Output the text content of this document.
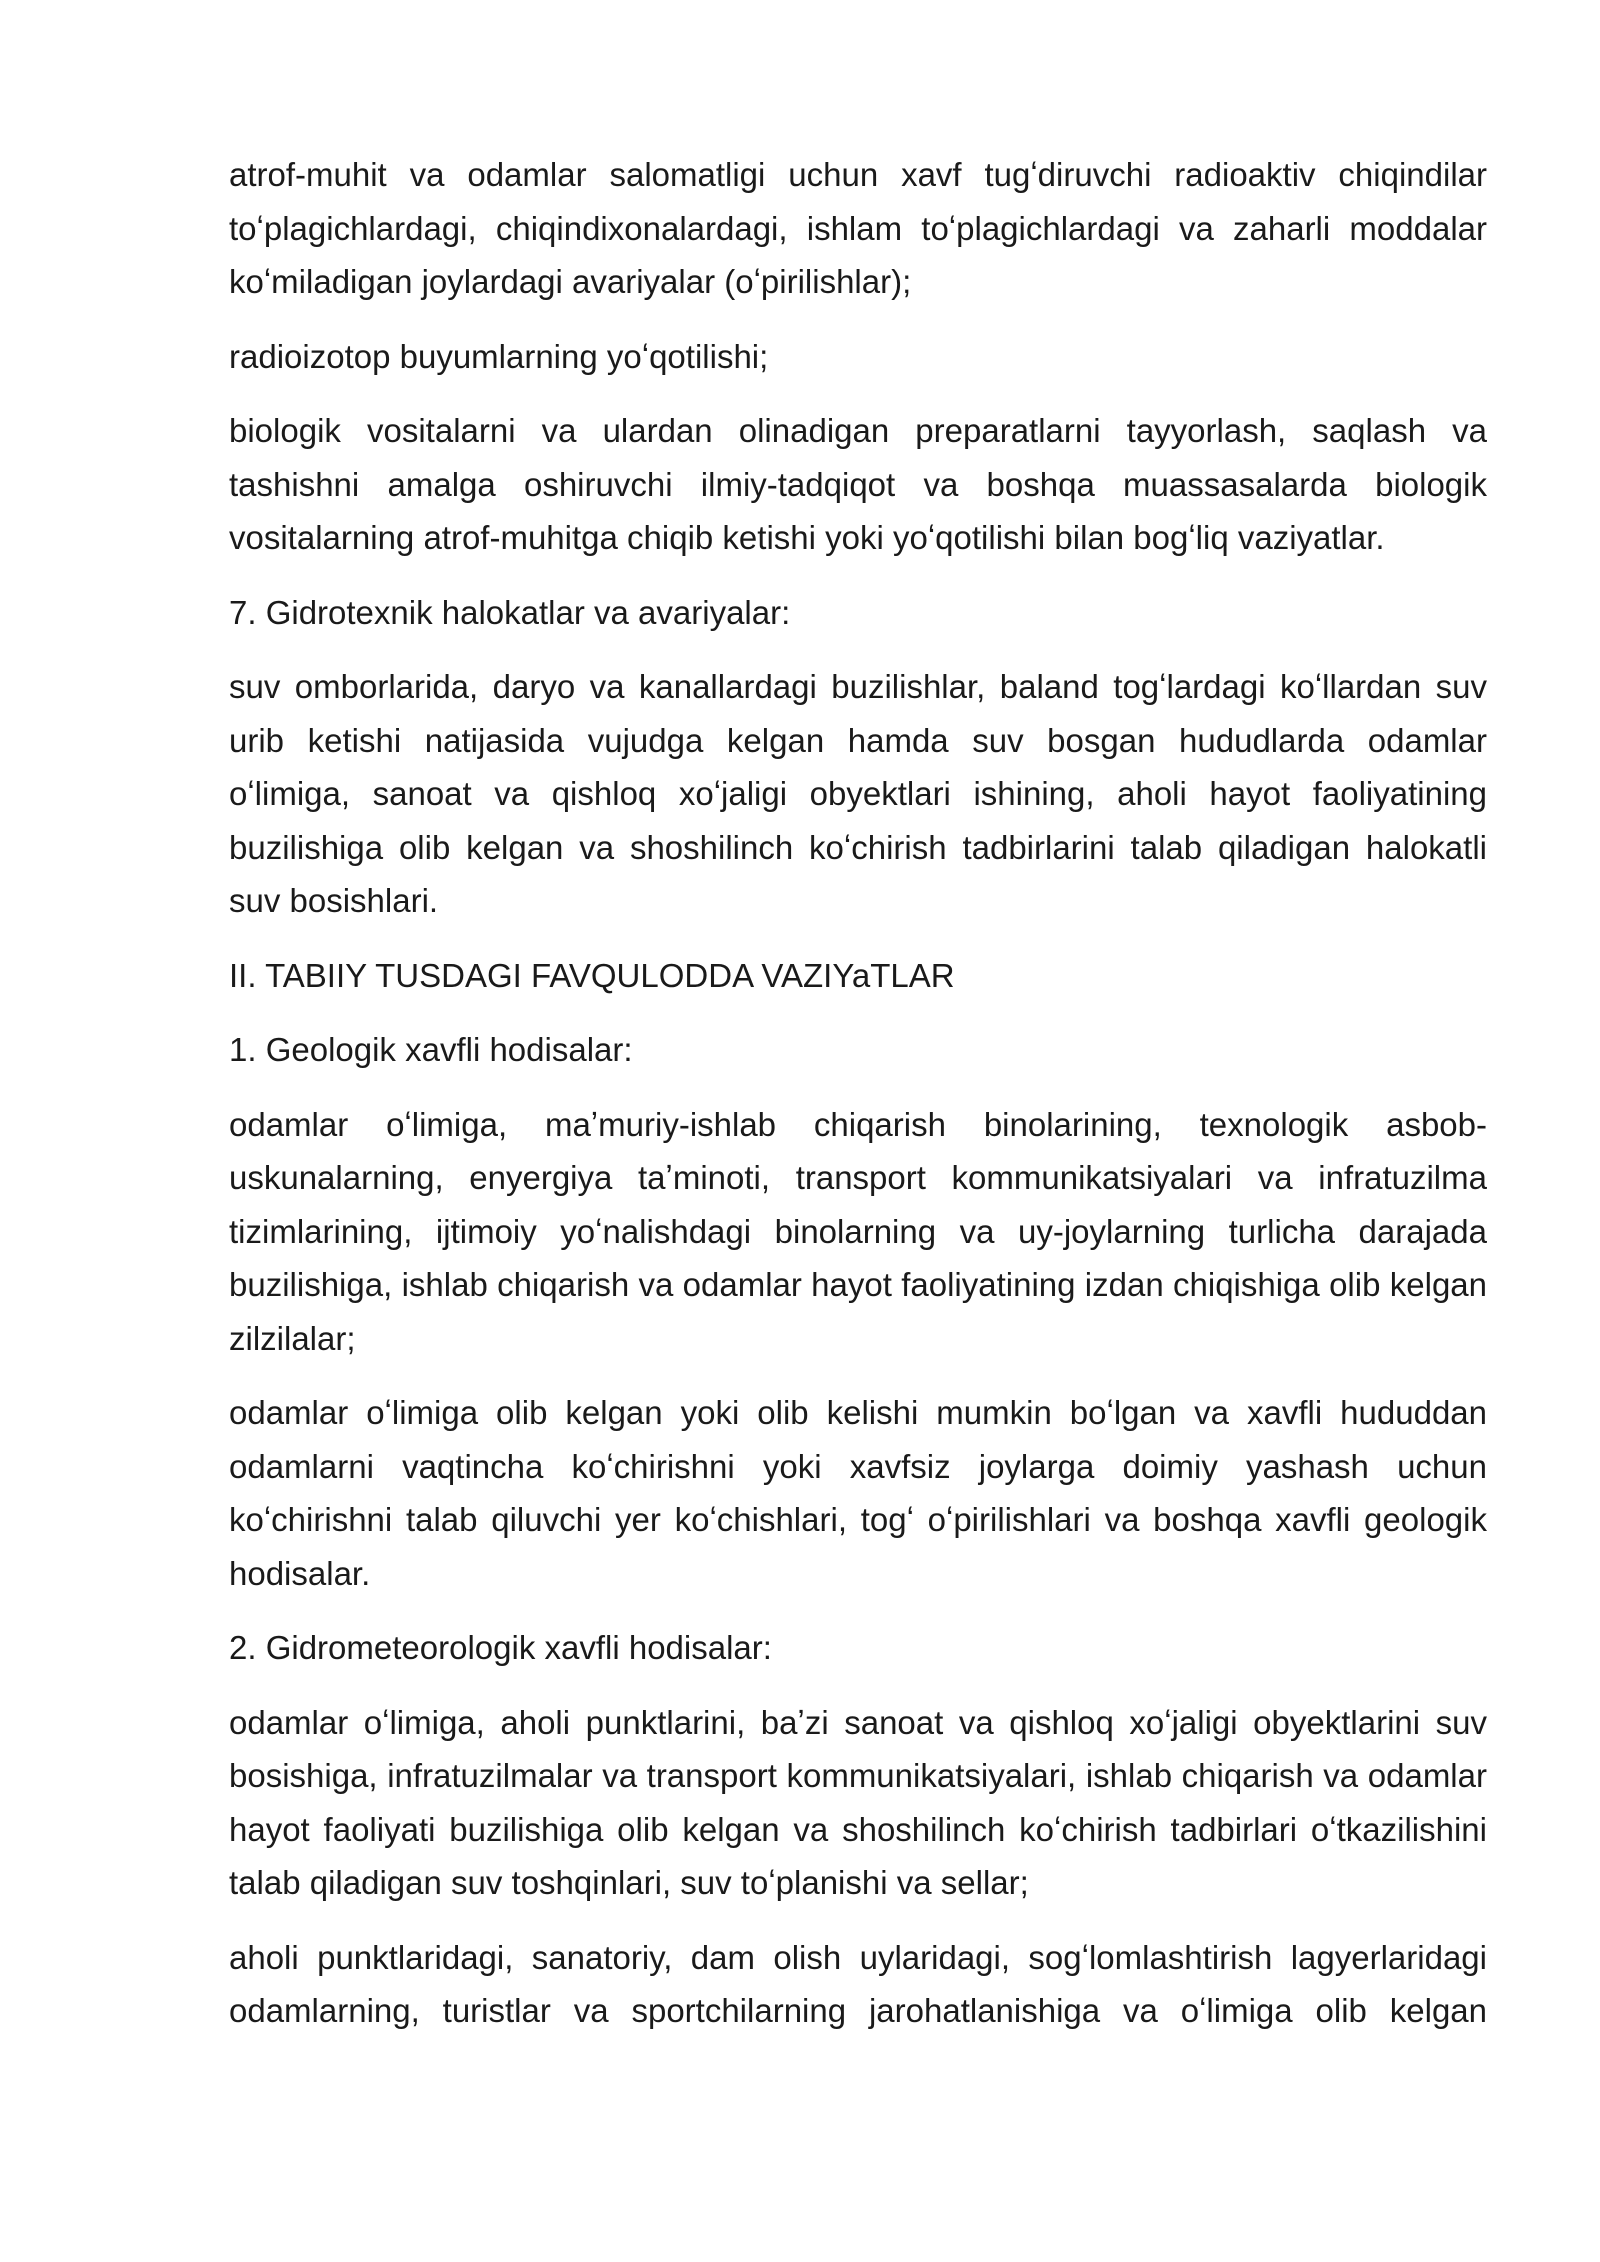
atrof-muhit va odamlar salomatligi uchun xavf tugʻdiruvchi radioaktiv chiqindilar toʻplagichlardagi, chiqindixonalardagi, ishlam toʻplagichlardagi va zaharli moddalar koʻmiladigan joylardagi avariyalar (oʻpirilishlar);

radioizotop buyumlarning yoʻqotilishi;

biologik vositalarni va ulardan olinadigan preparatlarni tayyorlash, saqlash va tashishni amalga oshiruvchi ilmiy-tadqiqot va boshqa muassasalarda biologik vositalarning atrof-muhitga chiqib ketishi yoki yoʻqotilishi bilan bogʻliq vaziyatlar.

7. Gidrotexnik halokatlar va avariyalar:

suv omborlarida, daryo va kanallardagi buzilishlar, baland togʻlardagi koʻllardan suv urib ketishi natijasida vujudga kelgan hamda suv bosgan hududlarda odamlar oʻlimiga, sanoat va qishloq xoʻjaligi obyektlari ishining, aholi hayot faoliyatining buzilishiga olib kelgan va shoshilinch koʻchirish tadbirlarini talab qiladigan halokatli suv bosishlari.

II. TABIIY TUSDAGI FAVQULODDA VAZIYaTLAR

1. Geologik xavfli hodisalar:

odamlar oʻlimiga, maʼmuriy-ishlab chiqarish binolarining, texnologik asbob-uskunalarning, enyergiya taʼminoti, transport kommunikatsiyalari va infratuzilma tizimlarining, ijtimoiy yoʻnalishdagi binolarning va uy-joylarning turlicha darajada buzilishiga, ishlab chiqarish va odamlar hayot faoliyatining izdan chiqishiga olib kelgan zilzilalar;

odamlar oʻlimiga olib kelgan yoki olib kelishi mumkin boʻlgan va xavfli hududdan odamlarni vaqtincha koʻchirishni yoki xavfsiz joylarga doimiy yashash uchun koʻchirishni talab qiluvchi yer koʻchishlari, togʻ oʻpirilishlari va boshqa xavfli geologik hodisalar.

2. Gidrometeorologik xavfli hodisalar:

odamlar oʻlimiga, aholi punktlarini, baʼzi sanoat va qishloq xoʻjaligi obyektlarini suv bosishiga, infratuzilmalar va transport kommunikatsiyalari, ishlab chiqarish va odamlar hayot faoliyati buzilishiga olib kelgan va shoshilinch koʻchirish tadbirlari oʻtkazilishini talab qiladigan suv toshqinlari, suv toʻplanishi va sellar;

aholi punktlaridagi, sanatoriy, dam olish uylaridagi, sogʻlomlashtirish lagyerlaridagi odamlarning, turistlar va sportchilarning jarohatlanishiga va oʻlimiga olib kelgan
